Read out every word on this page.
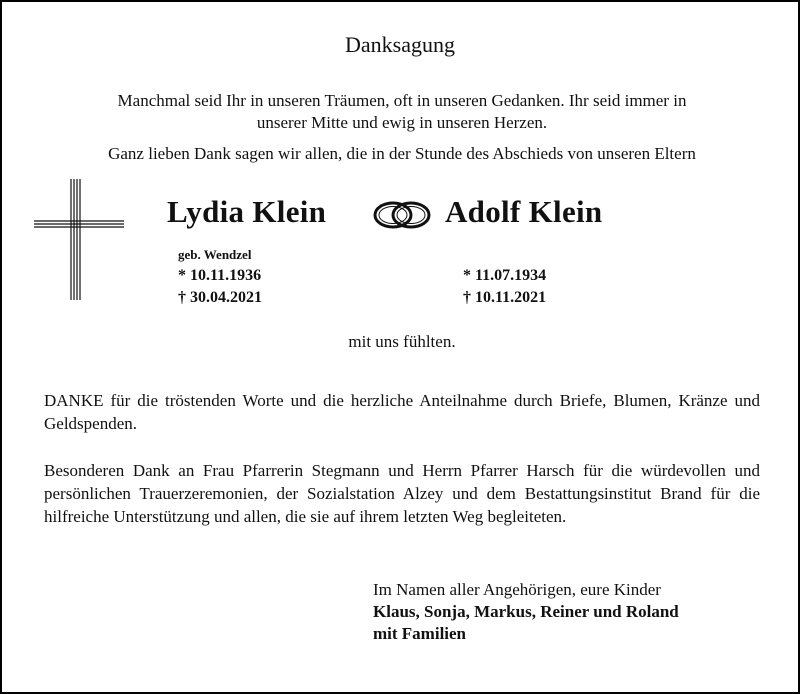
Danksagung
Manchmal seid Ihr in unseren Träumen, oft in unseren Gedanken. Ihr seid immer in
unserer Mitte und ewig in unseren Herzen.
Ganz lieben Dank sagen wir allen, die in der Stunde des Abschieds von unseren Eltern
Lydia Klein	Adolf Klein
geb. Wendzel
* 10.11.1936
† 30.04.2021
* 11.07.1934
† 10.11.2021
mit uns fühlten.
DANKE für die tröstenden Worte und die herzliche Anteilnahme durch Briefe, Blumen, Kränze und Geldspenden.
Besonderen Dank an Frau Pfarrerin Stegmann und Herrn Pfarrer Harsch für die würdevollen und persönlichen Trauerzeremonien, der Sozialstation Alzey und dem Bestattungsinstitut Brand für die hilfreiche Unterstützung und allen, die sie auf ihrem letzten Weg begleiteten.
Im Namen aller Angehörigen, eure Kinder
Klaus, Sonja, Markus, Reiner und Roland
mit Familien
